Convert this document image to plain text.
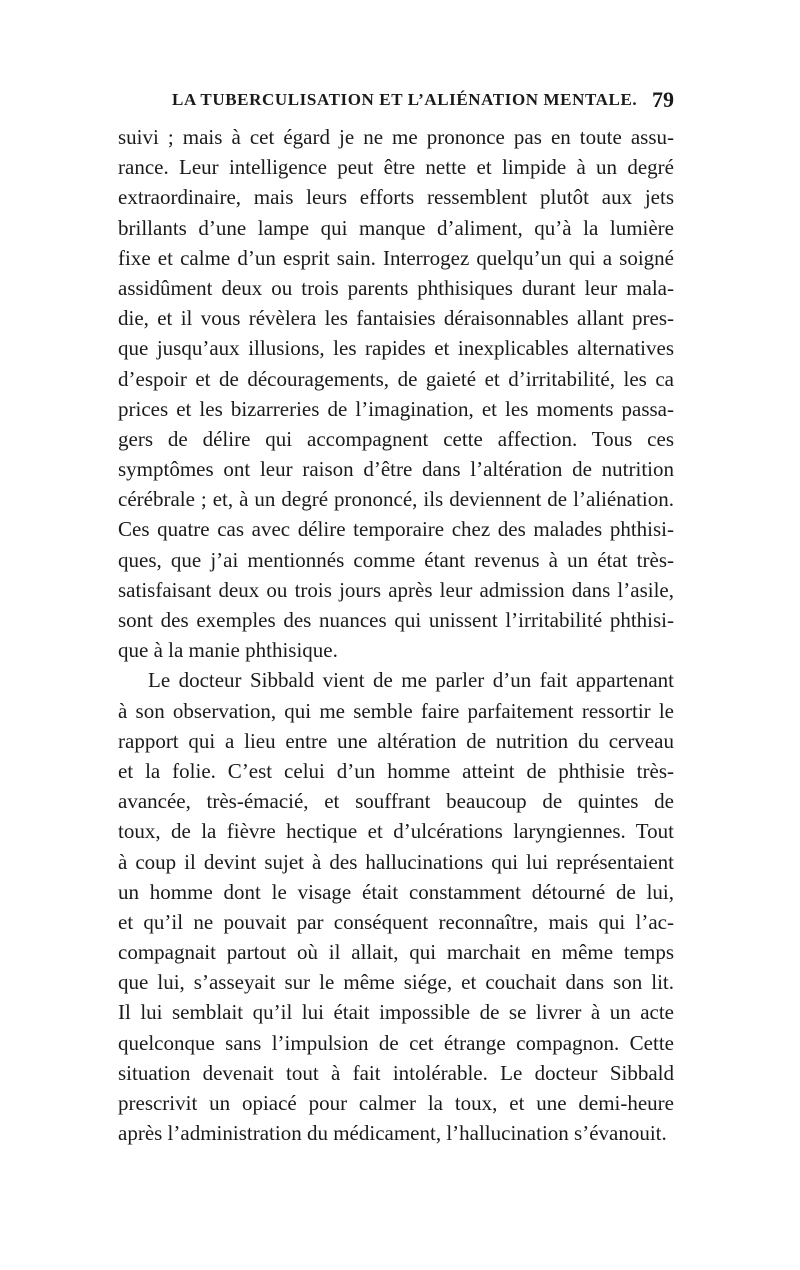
LA TUBERCULISATION ET L’ALIÉNATION MENTALE. 79
suivi ; mais à cet égard je ne me prononce pas en toute assu-
rance. Leur intelligence peut être nette et limpide à un degré
extraordinaire, mais leurs efforts ressemblent plutôt aux jets
brillants d’une lampe qui manque d’aliment, qu’à la lumière
fixe et calme d’un esprit sain. Interrogez quelqu’un qui a soigné
assidûment deux ou trois parents phthisiques durant leur mala-
die, et il vous révèlera les fantaisies déraisonnables allant pres-
que jusqu’aux illusions, les rapides et inexplicables alternatives
d’espoir et de découragements, de gaieté et d’irritabilité, les ca
prices et les bizarreries de l’imagination, et les moments passa-
gers de délire qui accompagnent cette affection. Tous ces
symptômes ont leur raison d’être dans l’altération de nutrition
cérébrale ; et, à un degré prononcé, ils deviennent de l’aliénation.
Ces quatre cas avec délire temporaire chez des malades phthisi-
ques, que j’ai mentionnés comme étant revenus à un état très-
satisfaisant deux ou trois jours après leur admission dans l’asile,
sont des exemples des nuances qui unissent l’irritabilité phthisi-
que à la manie phthisique.
Le docteur Sibbald vient de me parler d’un fait appartenant
à son observation, qui me semble faire parfaitement ressortir le
rapport qui a lieu entre une altération de nutrition du cerveau
et la folie. C’est celui d’un homme atteint de phthisie très-
avancée, très-émacié, et souffrant beaucoup de quintes de
toux, de la fièvre hectique et d’ulcérations laryngiennes. Tout
à coup il devint sujet à des hallucinations qui lui représentaient
un homme dont le visage était constamment détourné de lui,
et qu’il ne pouvait par conséquent reconnaître, mais qui l’ac-
compagnait partout où il allait, qui marchait en même temps
que lui, s’asseyait sur le même siége, et couchait dans son lit.
Il lui semblait qu’il lui était impossible de se livrer à un acte
quelconque sans l’impulsion de cet étrange compagnon. Cette
situation devenait tout à fait intolérable. Le docteur Sibbald
prescrivit un opiacé pour calmer la toux, et une demi-heure
après l’administration du médicament, l’hallucination s’évanouit.
